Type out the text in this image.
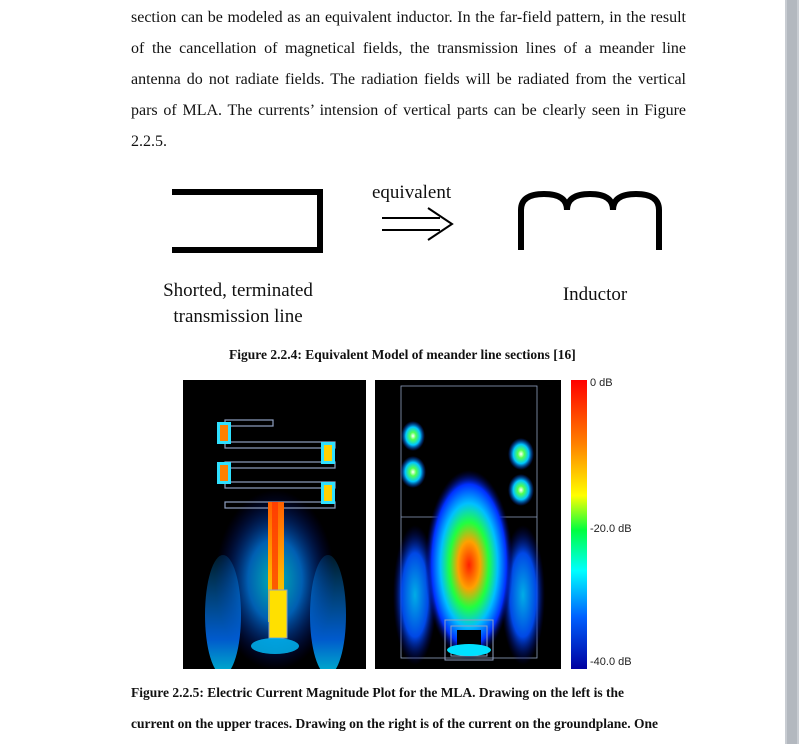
section can be modeled as an equivalent inductor. In the far-field pattern, in the result
of the cancellation of magnetical fields, the transmission lines of a meander line
antenna do not radiate fields. The radiation fields will be radiated from the vertical
pars of MLA. The currents’ intension of vertical parts can be clearly seen in Figure
2.2.5.
equivalent
Shorted, terminated
transmission line
Inductor
Figure 2.2.4: Equivalent Model of meander line sections [16]
0 dB
-20.0 dB
-40.0 dB
Figure 2.2.5: Electric Current Magnitude Plot for the MLA. Drawing on the left is the
current on the upper traces. Drawing on the right is of the current on the groundplane. One
